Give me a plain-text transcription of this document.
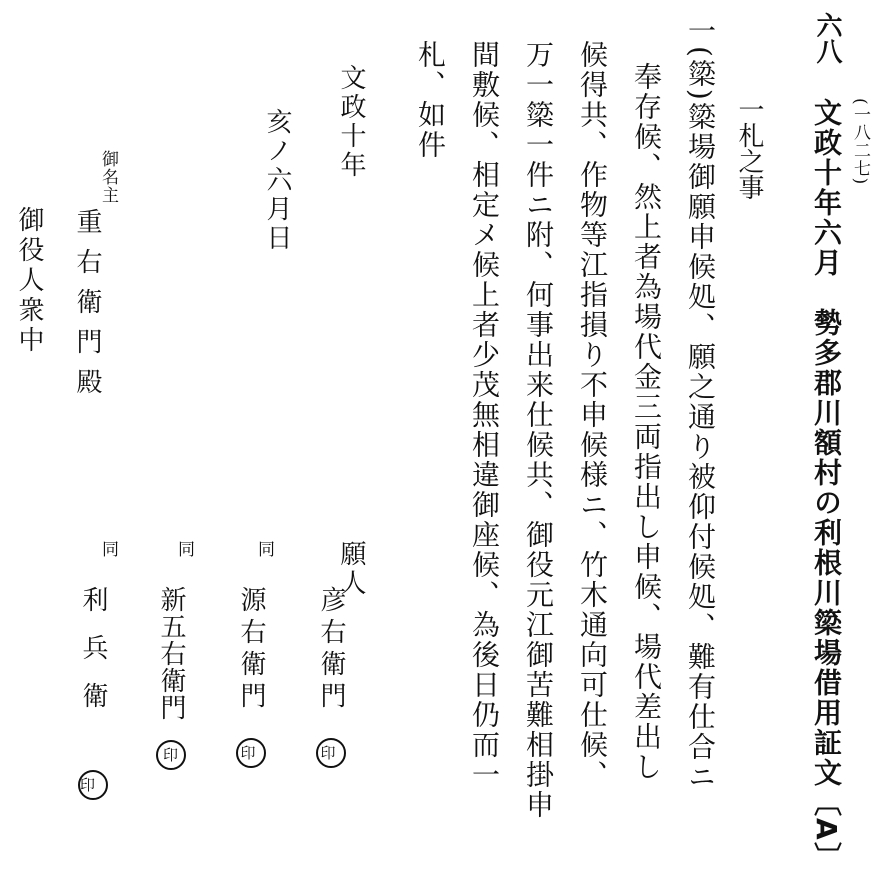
六八
(一八二七)
文政十年六月　勢多郡川額村の利根川簗場借用証文〔A〕
一札之事
一(簗)簗場御願申候処、願之通り被仰付候処、難有仕合ニ
奉存候、然上者為場代金三両指出し申候、場代差出し
候得共、作物等江指損り不申候様ニ、竹木通向可仕候、
万一簗一件ニ附、何事出来仕候共、御役元江御苦難相掛申
間敷候、相定メ候上者少茂無相違御座候、為後日仍而一
札、如件
文政十年
亥ノ六月日
願人
彦右衛門 印
同
源右衛門 印
同
新五右衛門 印
同
利兵衛 印
御名主
重右衛門殿
御役人衆中
